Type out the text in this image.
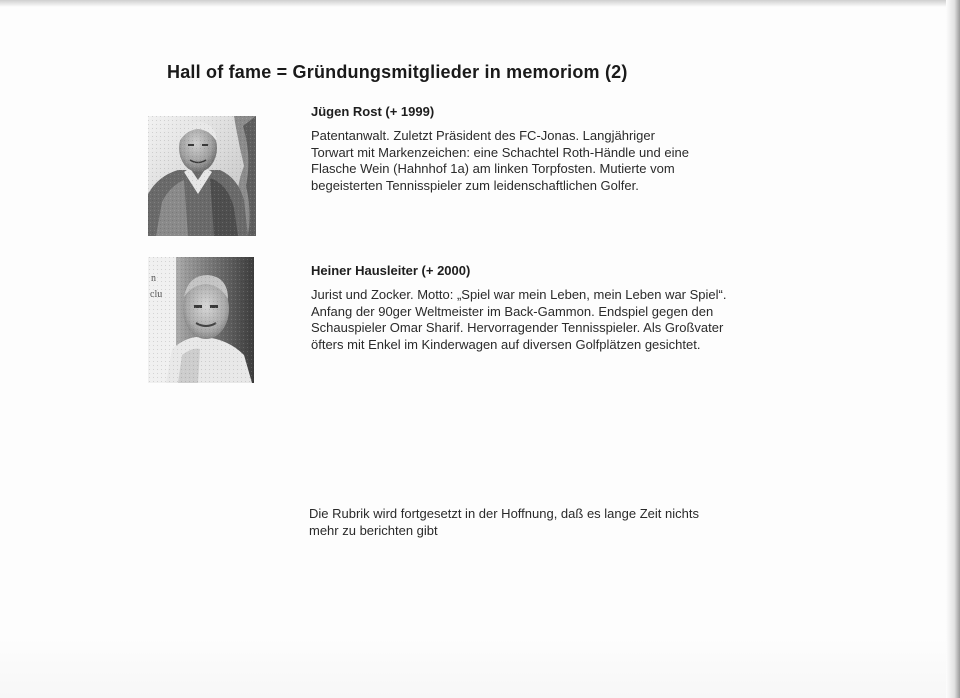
Hall of fame = Gründungsmitglieder in memoriom (2)

Jügen Rost (+ 1999)

Patentanwalt. Zuletzt Präsident des FC-Jonas. Langjähriger
Torwart mit Markenzeichen: eine Schachtel Roth-Händle und eine
Flasche Wein (Hahnhof 1a) am linken Torpfosten. Mutierte vom
begeisterten Tennisspieler zum leidenschaftlichen Golfer.

Heiner Hausleiter (+ 2000)

Jurist und Zocker. Motto: „Spiel war mein Leben, mein Leben war Spiel“.
Anfang der 90ger Weltmeister im Back-Gammon. Endspiel gegen den
Schauspieler Omar Sharif. Hervorragender Tennisspieler. Als Großvater
öfters mit Enkel im Kinderwagen auf diversen Golfplätzen gesichtet.

Die Rubrik wird fortgesetzt in der Hoffnung, daß es lange Zeit nichts
mehr zu berichten gibt
